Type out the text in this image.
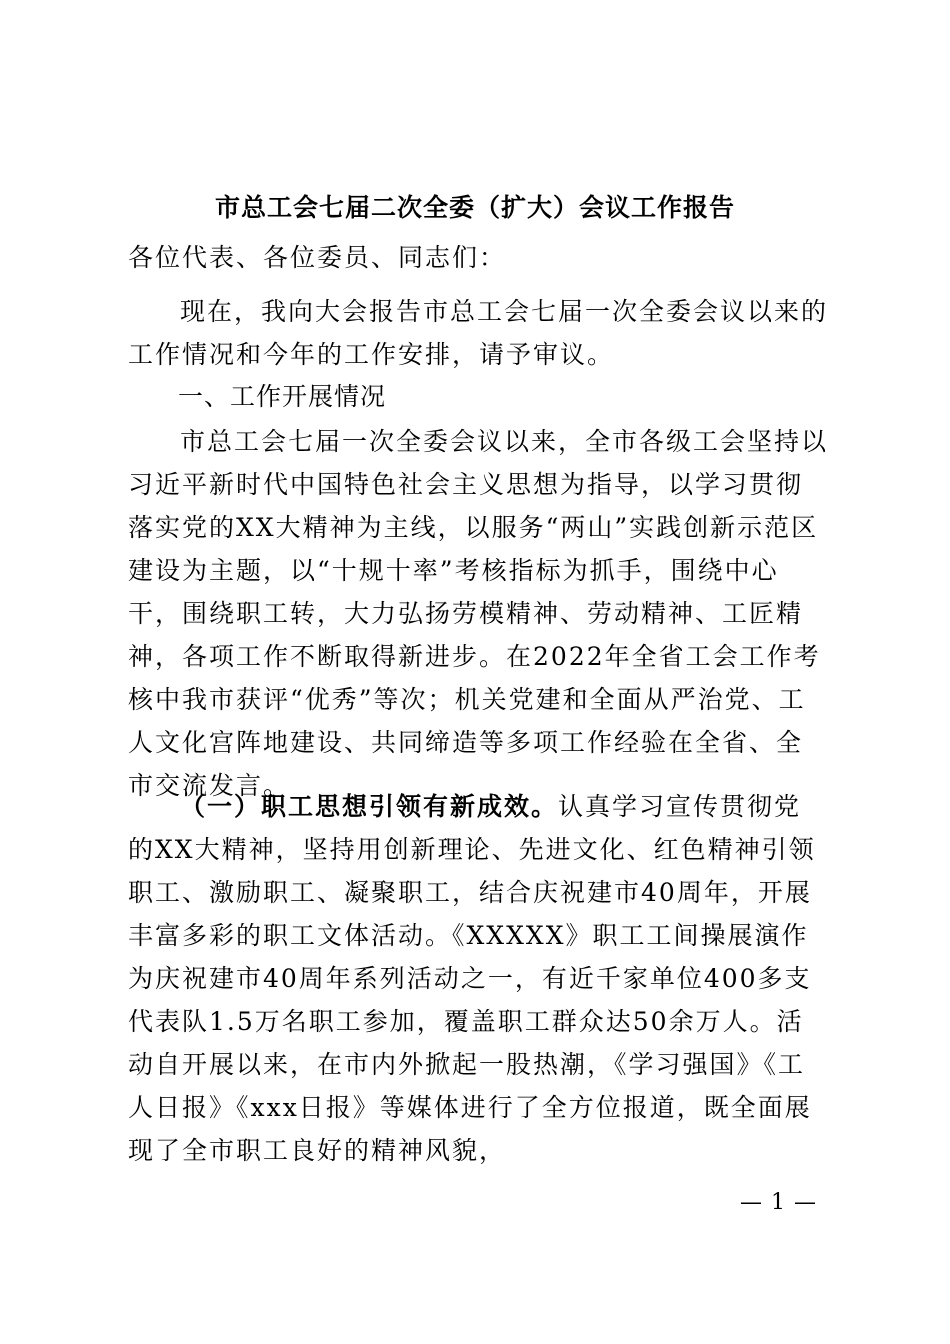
市总工会七届二次全委（扩大）会议工作报告
各位代表、各位委员、同志们：
现在，我向大会报告市总工会七届一次全委会议以来的工作情况和今年的工作安排，请予审议。
一、工作开展情况
市总工会七届一次全委会议以来，全市各级工会坚持以习近平新时代中国特色社会主义思想为指导，以学习贯彻落实党的XX大精神为主线，以服务“两山”实践创新示范区建设为主题，以“十规十率”考核指标为抓手，围绕中心干，围绕职工转，大力弘扬劳模精神、劳动精神、工匠精神，各项工作不断取得新进步。在2022年全省工会工作考核中我市获评“优秀”等次；机关党建和全面从严治党、工人文化宫阵地建设、共同缔造等多项工作经验在全省、全市交流发言。
（一）职工思想引领有新成效。认真学习宣传贯彻党的XX大精神，坚持用创新理论、先进文化、红色精神引领职工、激励职工、凝聚职工，结合庆祝建市40周年，开展丰富多彩的职工文体活动。《XXXXX》职工工间操展演作为庆祝建市40周年系列活动之一，有近千家单位400多支代表队1.5万名职工参加，覆盖职工群众达50余万人。活动自开展以来，在市内外掀起一股热潮，《学习强国》《工人日报》《xxx日报》等媒体进行了全方位报道，既全面展现了全市职工良好的精神风貌，
— 1 —
